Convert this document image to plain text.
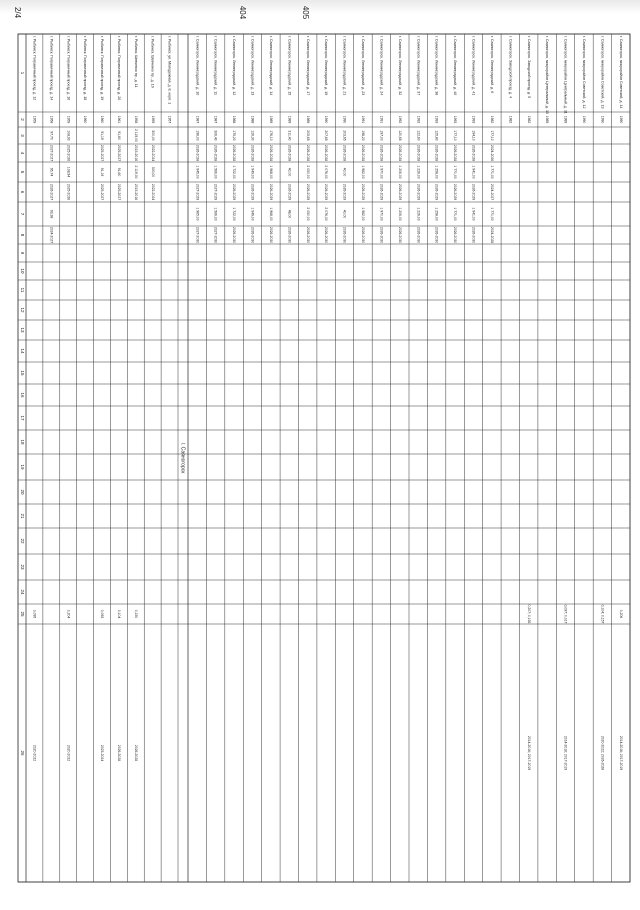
1
2
3
4
5
6
7
8
9
10
11
12
13
14
15
16
17
18
19
20
21
22
23
24
25
26
г. Рыбинск, Пограничный проезд, д. 12
1959
0,095
2020-2022
г. Рыбинск, Пограничный проезд, д. 14
1958
97,70
2027-2027
95,74
2026-2027
93,38
2024-2027
г. Рыбинск, Пограничный проезд, д. 16
1959
108,90
2025-2026
108,94
2025-2026
0,204
2020-2022
г. Рыбинск, Пограничный проезд, д. 18
1960
г. Рыбинск, Пограничный проезд, д. 19
1960
91,19
2025-2027
91,19
2025-2027
0,093
2023-2024
г. Рыбинск, Пограничный проезд, д. 20
1961
91,60
2025-2027
91,60
2025-2027
0,104
2026-2028
г. Рыбинск, Шевченко пр., д. 11
1958
2 119,00
2015-2016
2 119,00
2015-2016
0,150
2026-2028
г. Рыбинск, Шевченко пр., д. 19
1959
300,00
2022-2024
300,00
2022-2024
г. Рыбинск, ул. Молодежная, д. 8, корп. 1
1957
г. Саяногорск, Ленинградский, д. 10
1987
196,00
2026-2028
1 945,00
2027-2029
1 965,00
2027-2030
г. Саяногорск, Ленинградский, д. 11
1987
306,40
2026-2028
1 566,00
2027-2029
1 566,00
2027-2030
г. Саяногорск, Ленинградский, д. 12
1988
175,20
2026-2028
1 722,00
2026-2029
1 722,00
2026-2030
г. Саяногорск, Ленинградский, д. 13
1988
126,30
2026-2028
1 949,00
2026-2029
1 949,00
2026-2030
г. Саяногорск, Ленинградский, д. 14
1989
176,10
2026-2028
1 968,00
2026-2029
1 968,00
2026-2030
г. Саяногорск, Ленинградский, д. 15
1989
311,40
2026-2028
40,00
2026-2029
48,00
2026-2030
г. Саяногорск, Ленинградский, д. 17
1989
205,65
2026-2028
2 050,00
2026-2029
2 050,00
2026-2030
г. Саяногорск, Ленинградский, д. 19
1990
207,65
2026-2028
2 076,00
2026-2029
2 076,00
2026-2030
г. Саяногорск, Ленинградский, д. 21
1990
203,65
2026-2028
40,00
2026-2029
40,00
2026-2030
г. Саяногорск, Ленинградский, д. 23
1991
198,20
2026-2028
1 982,00
2026-2029
1 982,00
2026-2030
г. Саяногорск, Ленинградский, д. 24
1991
197,00
2026-2028
1 970,00
2026-2029
1 970,00
2026-2030
г. Саяногорск, Ленинградский, д. 32
1992
120,65
2026-2028
1 206,00
2026-2029
1 206,00
2026-2030
г. Саяногорск, Ленинградский, д. 37
1992
122,60
2026-2028
1 226,00
2026-2029
1 226,00
2026-2030
г. Саяногорск, Ленинградский, д. 38
1993
125,80
2026-2028
1 258,00
2026-2029
1 258,00
2026-2030
г. Саяногорск, Ленинградский, д. 40
1993
177,10
2026-2028
1 771,00
2026-2029
1 771,00
2026-2030
г. Саяногорск, Ленинградский, д. 41
1993
194,10
2026-2028
1 941,00
2026-2029
1 941,00
2026-2030
г. Саяногорск, Ленинградский, д. 6
1982
177,10
2024-2026
1 771,00
2024-2027
1 771,00
2024-2028
г. Саяногорск, Заводской проезд, д. 4
1982
г. Саяногорск, Заводской проезд, д. 5
1982
0,207; 0,192
2014-2016; 2017-2019
г. Саяногорск, микрорайон Центральный, д. 10
1989
г. Саяногорск, микрорайон Центральный, д. 11
1989
0,097; 0,017
2014-2016; 2017-2019
г. Саяногорск, микрорайон Советский, д. 12
1990
г. Саяногорск, микрорайон Советский, д. 13
1990
0,104; 0,157
2020-2022; 2026-2028
г. Саяногорск, микрорайон Советский, д. 14
1990
0,206
2014-2016; 2017-2019
г. Саяногорск
405
404
2/4
